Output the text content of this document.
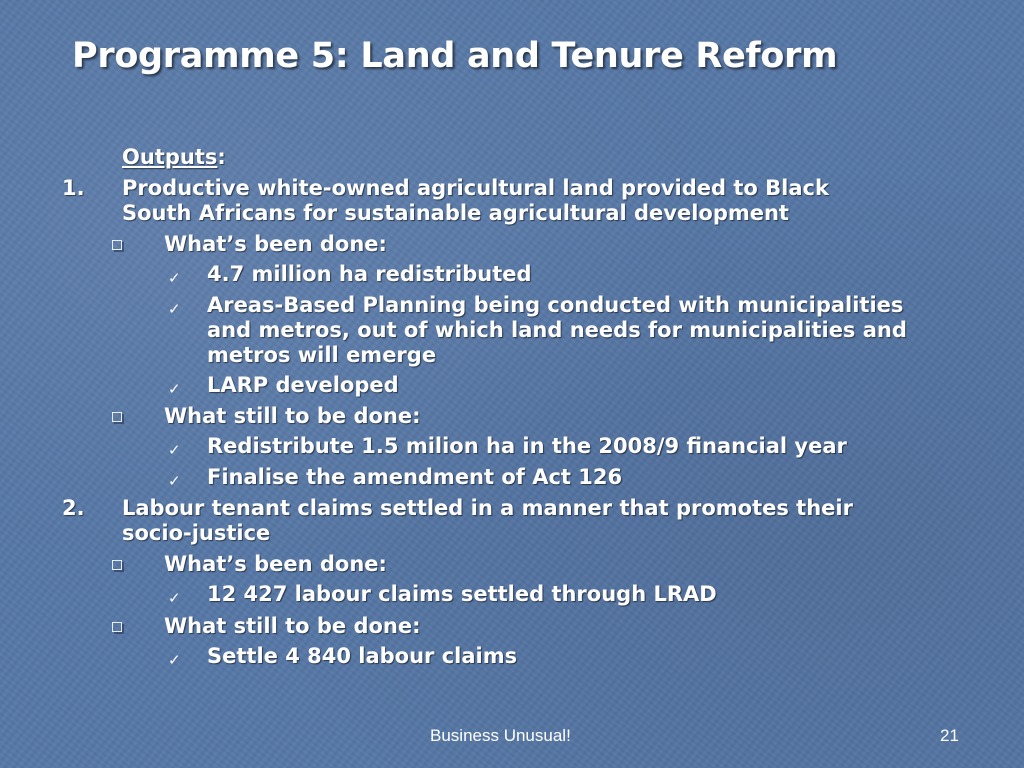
Programme 5: Land and Tenure Reform
Outputs:
1.	Productive white-owned agricultural land provided to Black
South Africans for sustainable agricultural development
What’s been done:
✓ 4.7 million ha redistributed
✓ Areas-Based Planning being conducted with municipalities
and metros, out of which land needs for municipalities and
metros will emerge
✓ LARP developed
What still to be done:
✓ Redistribute 1.5 milion ha in the 2008/9 financial year
✓ Finalise the amendment of Act 126
2.	Labour tenant claims settled in a manner that promotes their
socio-justice
What’s been done:
✓ 12 427 labour claims settled through LRAD
What still to be done:
✓ Settle 4 840 labour claims
Business Unusual!	21
